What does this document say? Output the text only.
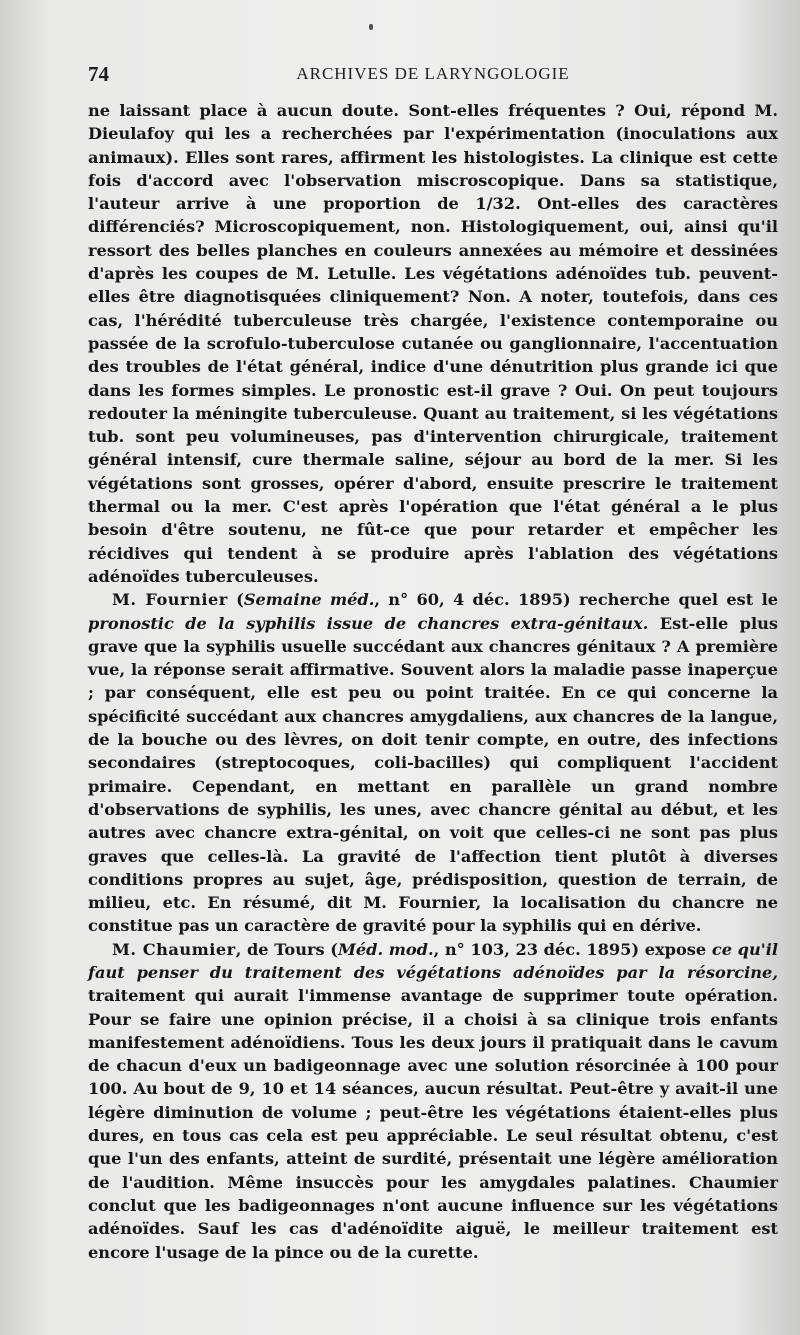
74	ARCHIVES DE LARYNGOLOGIE

ne laissant place à aucun doute. Sont-elles fréquentes ? Oui, répond M. Dieulafoy qui les a recherchées par l'expérimentation (inoculations aux animaux). Elles sont rares, affirment les histologistes. La clinique est cette fois d'accord avec l'observation miscroscopique. Dans sa statistique, l'auteur arrive à une proportion de 1/32. Ont-elles des caractères différenciés? Microscopiquement, non. Histologiquement, oui, ainsi qu'il ressort des belles planches en couleurs annexées au mémoire et dessinées d'après les coupes de M. Letulle. Les végétations adénoïdes tub. peuvent-elles être diagnotisquées cliniquement? Non. A noter, toutefois, dans ces cas, l'hérédité tuberculeuse très chargée, l'existence contemporaine ou passée de la scrofulo-tuberculose cutanée ou ganglionnaire, l'accentuation des troubles de l'état général, indice d'une dénutrition plus grande ici que dans les formes simples. Le pronostic est-il grave ? Oui. On peut toujours redouter la méningite tuberculeuse. Quant au traitement, si les végétations tub. sont peu volumineuses, pas d'intervention chirurgicale, traitement général intensif, cure thermale saline, séjour au bord de la mer. Si les végétations sont grosses, opérer d'abord, ensuite prescrire le traitement thermal ou la mer. C'est après l'opération que l'état général a le plus besoin d'être soutenu, ne fût-ce que pour retarder et empêcher les récidives qui tendent à se produire après l'ablation des végétations adénoïdes tuberculeuses.

M. Fournier (Semaine méd., n° 60, 4 déc. 1895) recherche quel est le pronostic de la syphilis issue de chancres extra-génitaux. Est-elle plus grave que la syphilis usuelle succédant aux chancres génitaux ? A première vue, la réponse serait affirmative. Souvent alors la maladie passe inaperçue ; par conséquent, elle est peu ou point traitée. En ce qui concerne la spécificité succédant aux chancres amygdaliens, aux chancres de la langue, de la bouche ou des lèvres, on doit tenir compte, en outre, des infections secondaires (streptocoques, coli-bacilles) qui compliquent l'accident primaire. Cependant, en mettant en parallèle un grand nombre d'observations de syphilis, les unes, avec chancre génital au début, et les autres avec chancre extra-génital, on voit que celles-ci ne sont pas plus graves que celles-là. La gravité de l'affection tient plutôt à diverses conditions propres au sujet, âge, prédisposition, question de terrain, de milieu, etc. En résumé, dit M. Fournier, la localisation du chancre ne constitue pas un caractère de gravité pour la syphilis qui en dérive.

M. Chaumier, de Tours (Méd. mod., n° 103, 23 déc. 1895) expose ce qu'il faut penser du traitement des végétations adénoïdes par la résorcine, traitement qui aurait l'immense avantage de supprimer toute opération. Pour se faire une opinion précise, il a choisi à sa clinique trois enfants manifestement adénoïdiens. Tous les deux jours il pratiquait dans le cavum de chacun d'eux un badigeonnage avec une solution résorcinée à 100 pour 100. Au bout de 9, 10 et 14 séances, aucun résultat. Peut-être y avait-il une légère diminution de volume ; peut-être les végétations étaient-elles plus dures, en tous cas cela est peu appréciable. Le seul résultat obtenu, c'est que l'un des enfants, atteint de surdité, présentait une légère amélioration de l'audition. Même insuccès pour les amygdales palatines. Chaumier conclut que les badigeonnages n'ont aucune influence sur les végétations adénoïdes. Sauf les cas d'adénoïdite aiguë, le meilleur traitement est encore l'usage de la pince ou de la curette.
